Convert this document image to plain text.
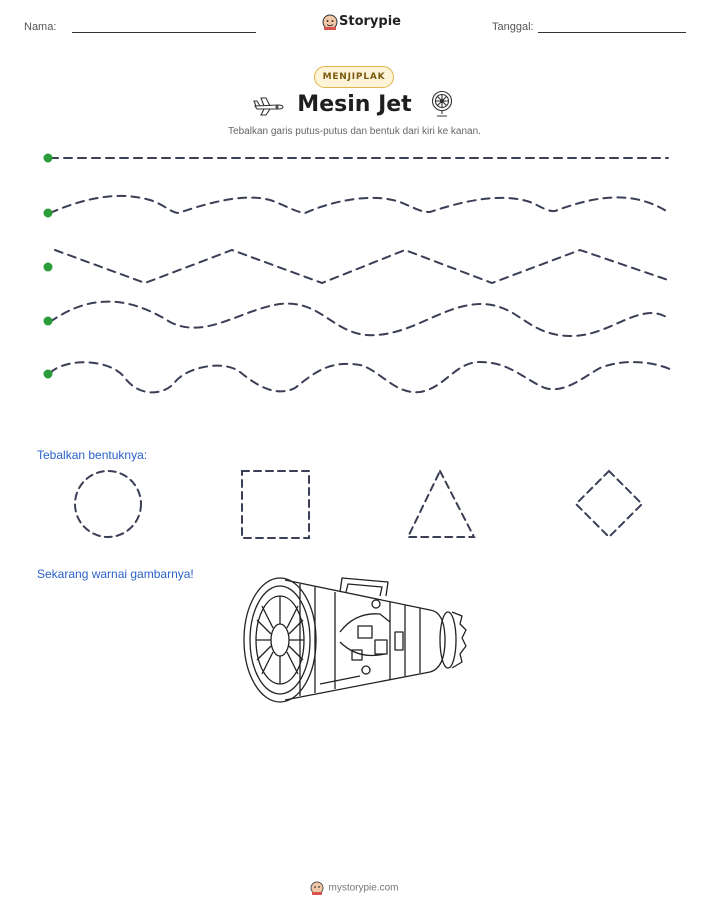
Nama:	Storypie	Tanggal:
MENJIPLAK
Mesin Jet
Tebalkan garis putus-putus dan bentuk dari kiri ke kanan.
Tebalkan bentuknya:
Sekarang warnai gambarnya!
mystorypie.com
